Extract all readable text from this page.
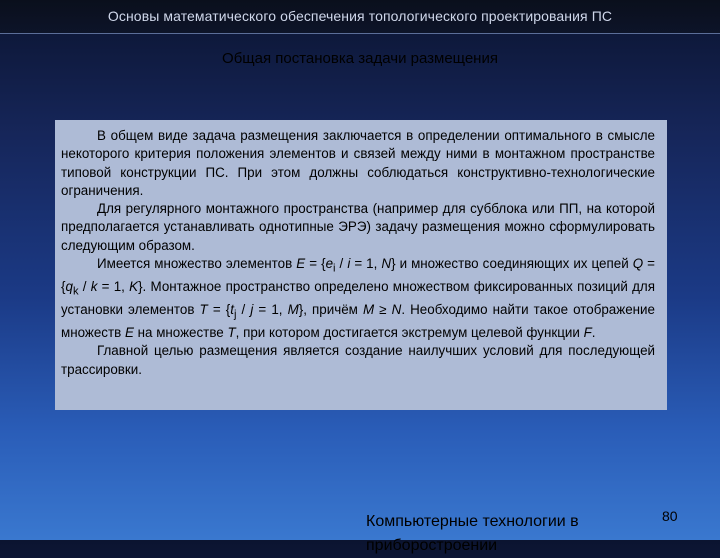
Основы математического обеспечения топологического проектирования ПС
Общая постановка задачи размещения

В общем виде задача размещения заключается в определении оптимального в смысле некоторого критерия положения элементов и связей между ними в монтажном пространстве типовой конструкции ПС. При этом должны соблюдаться конструктивно-технологические ограничения.

Для регулярного монтажного пространства (например для субблока или ПП, на которой предполагается устанавливать однотипные ЭРЭ) задачу размещения можно сформулировать следующим образом.

Имеется множество элементов $E = \{e_i / i = 1$, N} и множество соединяющих их цепей $Q = \{q_k / k = 1$, K}. Монтажное пространство определено множеством фиксированных позиций для установки элементов $T = \{t_j / j = 1$, M}, причём M ≥ N. Необходимо найти такое отображение множеств E на множестве T, при котором достигается экстремум целевой функции F.

Главной целью размещения является создание наилучших условий для последующей трассировки.

Компьютерные технологии в приборостроении
80
